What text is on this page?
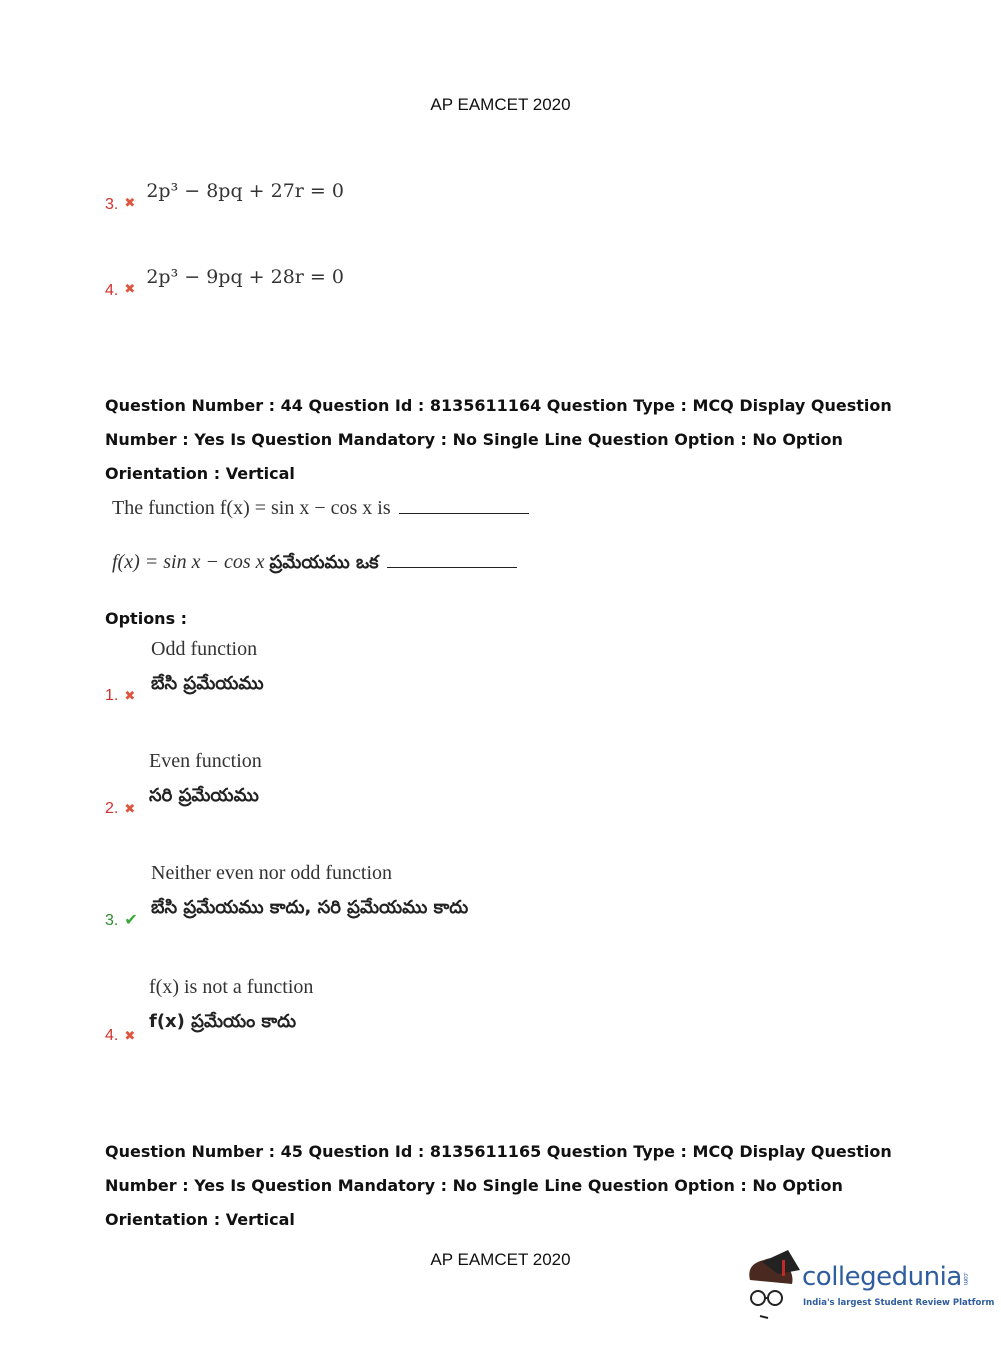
AP EAMCET 2020
3. $_✖$ 2p³ − 8pq + 27r = 0
4. $_✖$ 2p³ − 9pq + 28r = 0
Question Number : 44 Question Id : 8135611164 Question Type : MCQ Display Question
Number : Yes Is Question Mandatory : No Single Line Question Option : No Option
Orientation : Vertical
The function f(x) = sin x − cos x is
f(x) = sin x − cos x ప్రమేయము ఒక
Options :
Odd function
బేసి ప్రమేయము
1. ✖
Even function
సరి ప్రమేయము
2. ✖
Neither even nor odd function
బేసి ప్రమేయము కాదు, సరి ప్రమేయము కాదు
3. ✔
f(x) is not a function
f(x) ప్రమేయం కాదు
4. ✖
Question Number : 45 Question Id : 8135611165 Question Type : MCQ Display Question
Number : Yes Is Question Mandatory : No Single Line Question Option : No Option
Orientation : Vertical
AP EAMCET 2020
collegedunia.com
India's largest Student Review Platform
